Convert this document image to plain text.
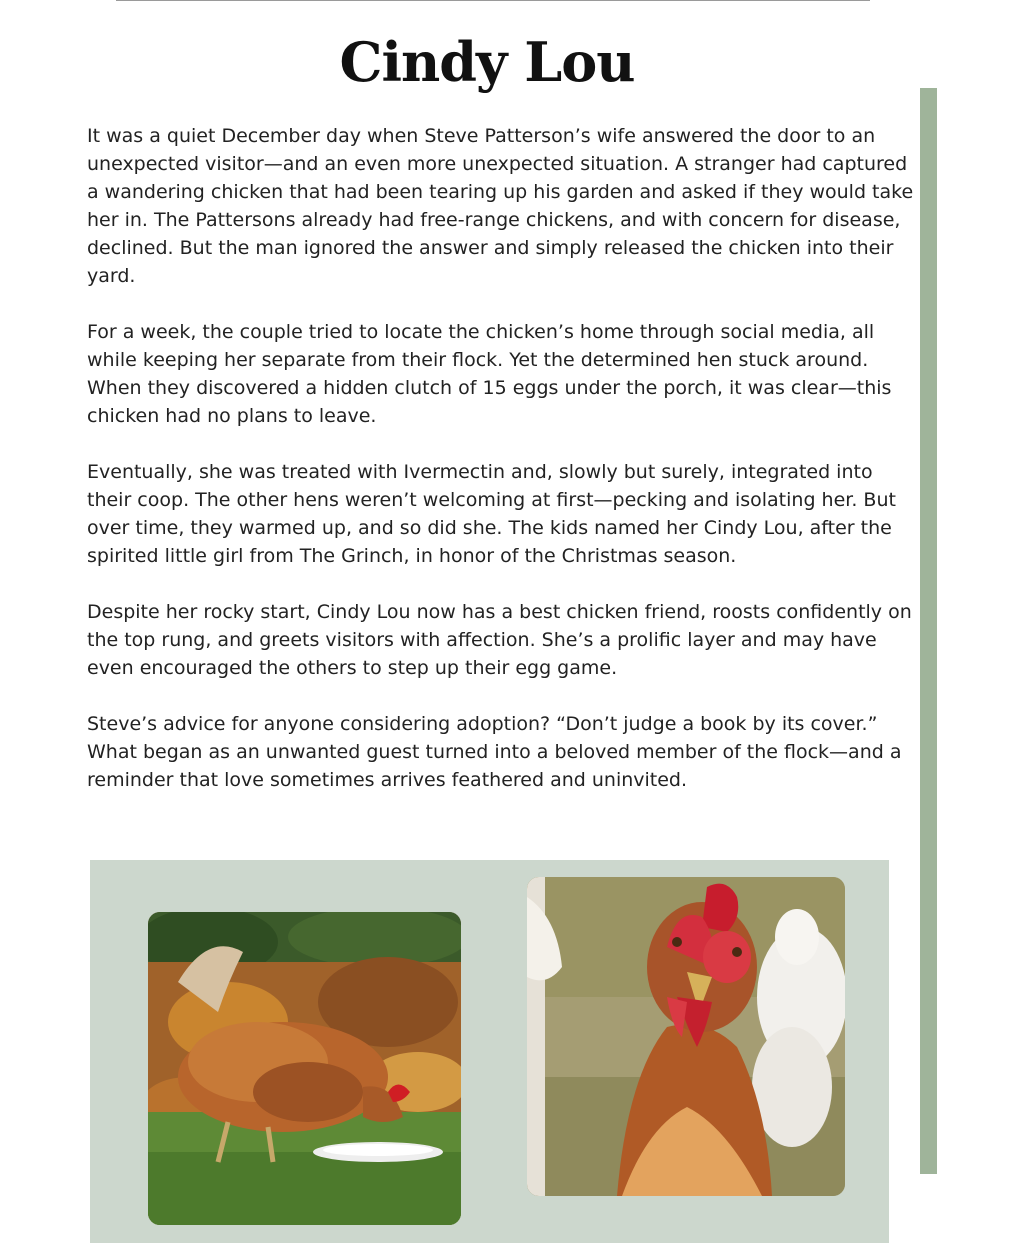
Cindy Lou

It was a quiet December day when Steve Patterson’s wife answered the door to an unexpected visitor—and an even more unexpected situation. A stranger had captured a wandering chicken that had been tearing up his garden and asked if they would take her in. The Pattersons already had free-range chickens, and with concern for disease, declined. But the man ignored the answer and simply released the chicken into their yard.

For a week, the couple tried to locate the chicken’s home through social media, all while keeping her separate from their flock. Yet the determined hen stuck around. When they discovered a hidden clutch of 15 eggs under the porch, it was clear—this chicken had no plans to leave.

Eventually, she was treated with Ivermectin and, slowly but surely, integrated into their coop. The other hens weren’t welcoming at first—pecking and isolating her. But over time, they warmed up, and so did she. The kids named her Cindy Lou, after the spirited little girl from The Grinch, in honor of the Christmas season.

Despite her rocky start, Cindy Lou now has a best chicken friend, roosts confidently on the top rung, and greets visitors with affection. She’s a prolific layer and may have even encouraged the others to step up their egg game.

Steve’s advice for anyone considering adoption? “Don’t judge a book by its cover.” What began as an unwanted guest turned into a beloved member of the flock—and a reminder that love sometimes arrives feathered and uninvited.
